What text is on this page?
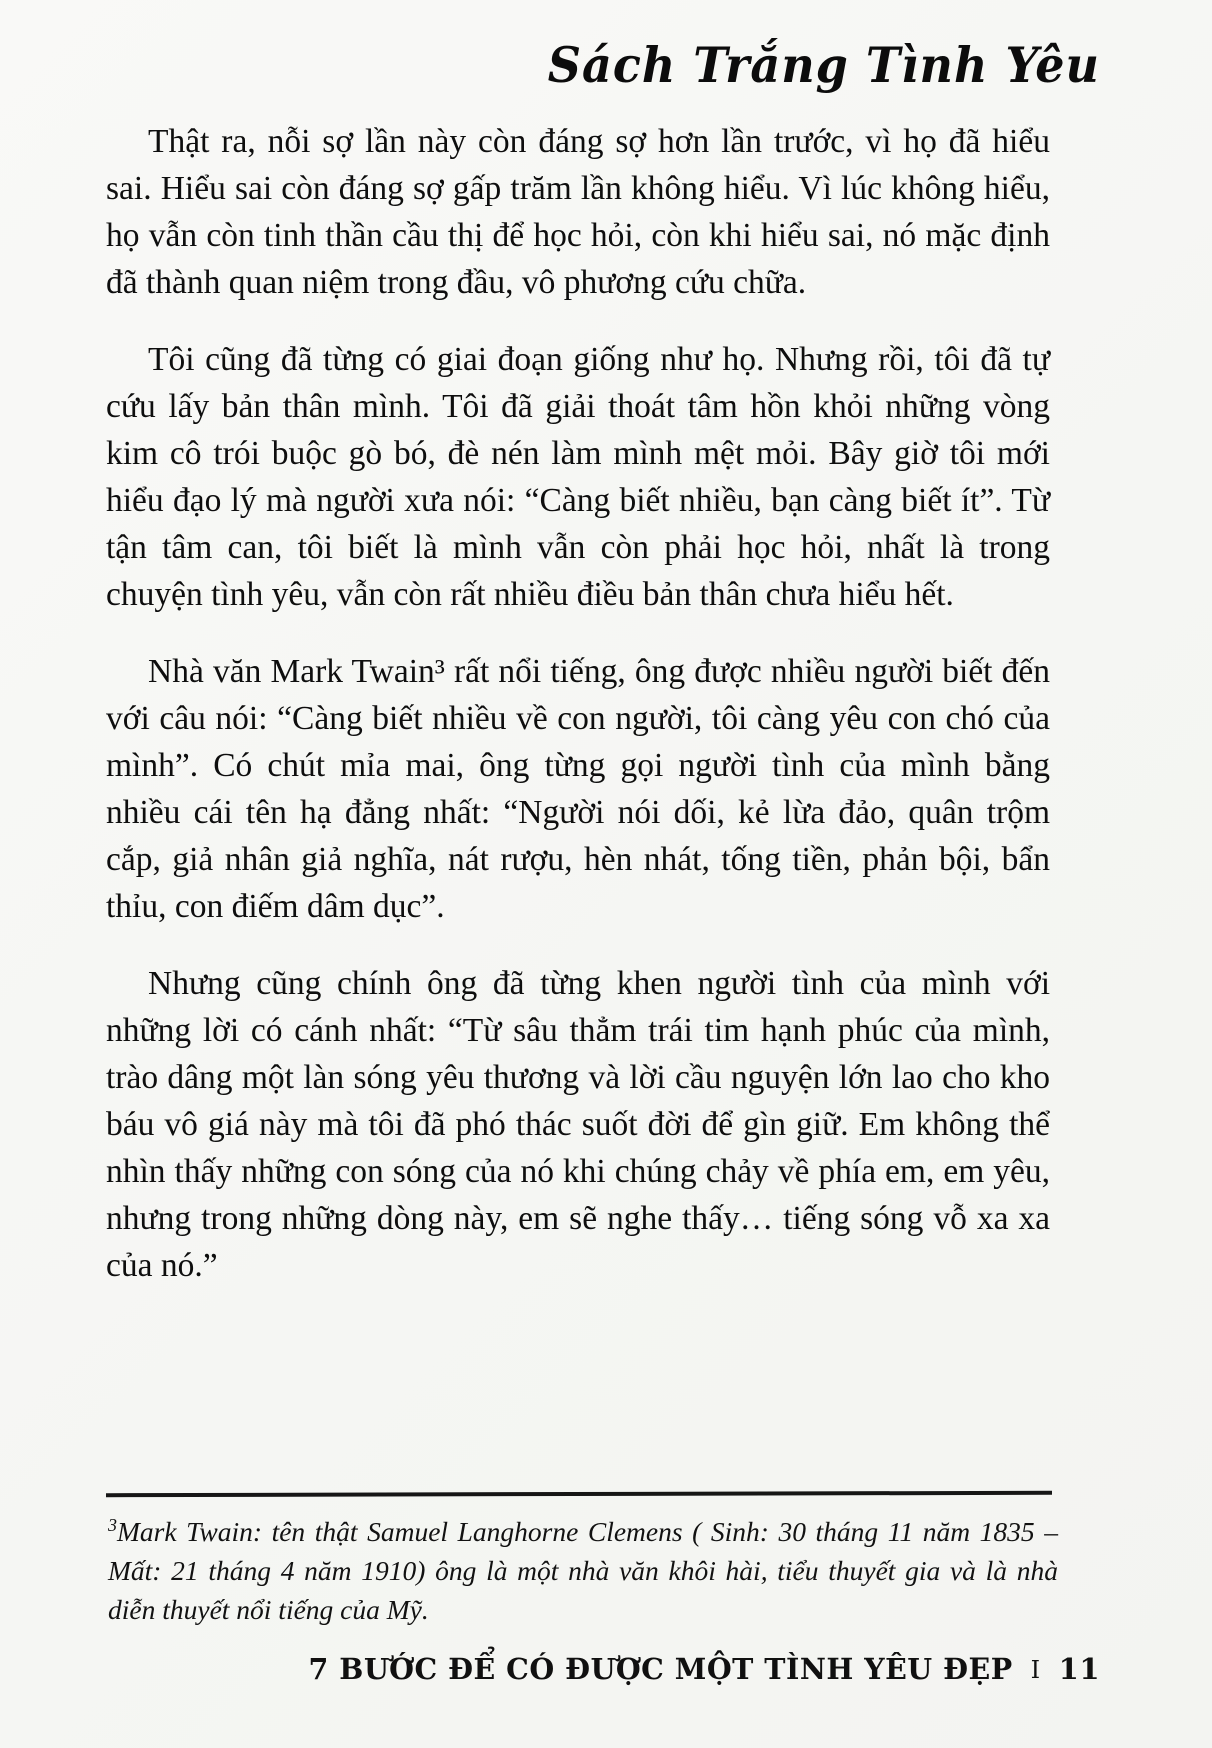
Sách Trắng Tình Yêu

Thật ra, nỗi sợ lần này còn đáng sợ hơn lần trước, vì họ đã hiểu sai. Hiểu sai còn đáng sợ gấp trăm lần không hiểu. Vì lúc không hiểu, họ vẫn còn tinh thần cầu thị để học hỏi, còn khi hiểu sai, nó mặc định đã thành quan niệm trong đầu, vô phương cứu chữa.

Tôi cũng đã từng có giai đoạn giống như họ. Nhưng rồi, tôi đã tự cứu lấy bản thân mình. Tôi đã giải thoát tâm hồn khỏi những vòng kim cô trói buộc gò bó, đè nén làm mình mệt mỏi. Bây giờ tôi mới hiểu đạo lý mà người xưa nói: “Càng biết nhiều, bạn càng biết ít”. Từ tận tâm can, tôi biết là mình vẫn còn phải học hỏi, nhất là trong chuyện tình yêu, vẫn còn rất nhiều điều bản thân chưa hiểu hết.

Nhà văn Mark Twain³ rất nổi tiếng, ông được nhiều người biết đến với câu nói: “Càng biết nhiều về con người, tôi càng yêu con chó của mình”. Có chút mỉa mai, ông từng gọi người tình của mình bằng nhiều cái tên hạ đẳng nhất: “Người nói dối, kẻ lừa đảo, quân trộm cắp, giả nhân giả nghĩa, nát rượu, hèn nhát, tống tiền, phản bội, bẩn thỉu, con điếm dâm dục”.

Nhưng cũng chính ông đã từng khen người tình của mình với những lời có cánh nhất: “Từ sâu thẳm trái tim hạnh phúc của mình, trào dâng một làn sóng yêu thương và lời cầu nguyện lớn lao cho kho báu vô giá này mà tôi đã phó thác suốt đời để gìn giữ. Em không thể nhìn thấy những con sóng của nó khi chúng chảy về phía em, em yêu, nhưng trong những dòng này, em sẽ nghe thấy… tiếng sóng vỗ xa xa của nó.”

$^3$Mark Twain: tên thật Samuel Langhorne Clemens ( Sinh: 30 tháng 11 năm 1835 – Mất: 21 tháng 4 năm 1910) ông là một nhà văn khôi hài, tiểu thuyết gia và là nhà diễn thuyết nổi tiếng của Mỹ.
7 BƯỚC ĐỂ CÓ ĐƯỢC MỘT TÌNH YÊU ĐẸP I 11
